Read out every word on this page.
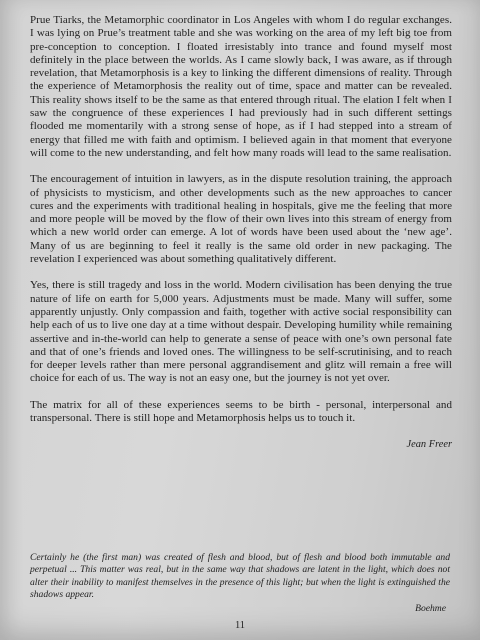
Prue Tiarks, the Metamorphic coordinator in Los Angeles with whom I do regular exchanges. I was lying on Prue’s treatment table and she was working on the area of my left big toe from pre-conception to conception. I floated irresistably into trance and found myself most definitely in the place between the worlds. As I came slowly back, I was aware, as if through revelation, that Metamorphosis is a key to linking the different dimensions of reality. Through the experience of Metamorphosis the reality out of time, space and matter can be revealed. This reality shows itself to be the same as that entered through ritual. The elation I felt when I saw the congruence of these experiences I had previously had in such different settings flooded me momentarily with a strong sense of hope, as if I had stepped into a stream of energy that filled me with faith and optimism. I believed again in that moment that everyone will come to the new understanding, and felt how many roads will lead to the same realisation.

The encouragement of intuition in lawyers, as in the dispute resolution training, the approach of physicists to mysticism, and other developments such as the new approaches to cancer cures and the experiments with traditional healing in hospitals, give me the feeling that more and more people will be moved by the flow of their own lives into this stream of energy from which a new world order can emerge. A lot of words have been used about the ‘new age’. Many of us are beginning to feel it really is the same old order in new packaging. The revelation I experienced was about something qualitatively different.

Yes, there is still tragedy and loss in the world. Modern civilisation has been denying the true nature of life on earth for 5,000 years. Adjustments must be made. Many will suffer, some apparently unjustly. Only compassion and faith, together with active social responsibility can help each of us to live one day at a time without despair. Developing humility while remaining assertive and in-the-world can help to generate a sense of peace with one’s own personal fate and that of one’s friends and loved ones. The willingness to be self-scrutinising, and to reach for deeper levels rather than mere personal aggrandisement and glitz will remain a free will choice for each of us. The way is not an easy one, but the journey is not yet over.

The matrix for all of these experiences seems to be birth - personal, interpersonal and transpersonal. There is still hope and Metamorphosis helps us to touch it.

Jean Freer

Certainly he (the first man) was created of flesh and blood, but of flesh and blood both immutable and perpetual ... This matter was real, but in the same way that shadows are latent in the light, which does not alter their inability to manifest themselves in the presence of this light; but when the light is extinguished the shadows appear.

Boehme

11
